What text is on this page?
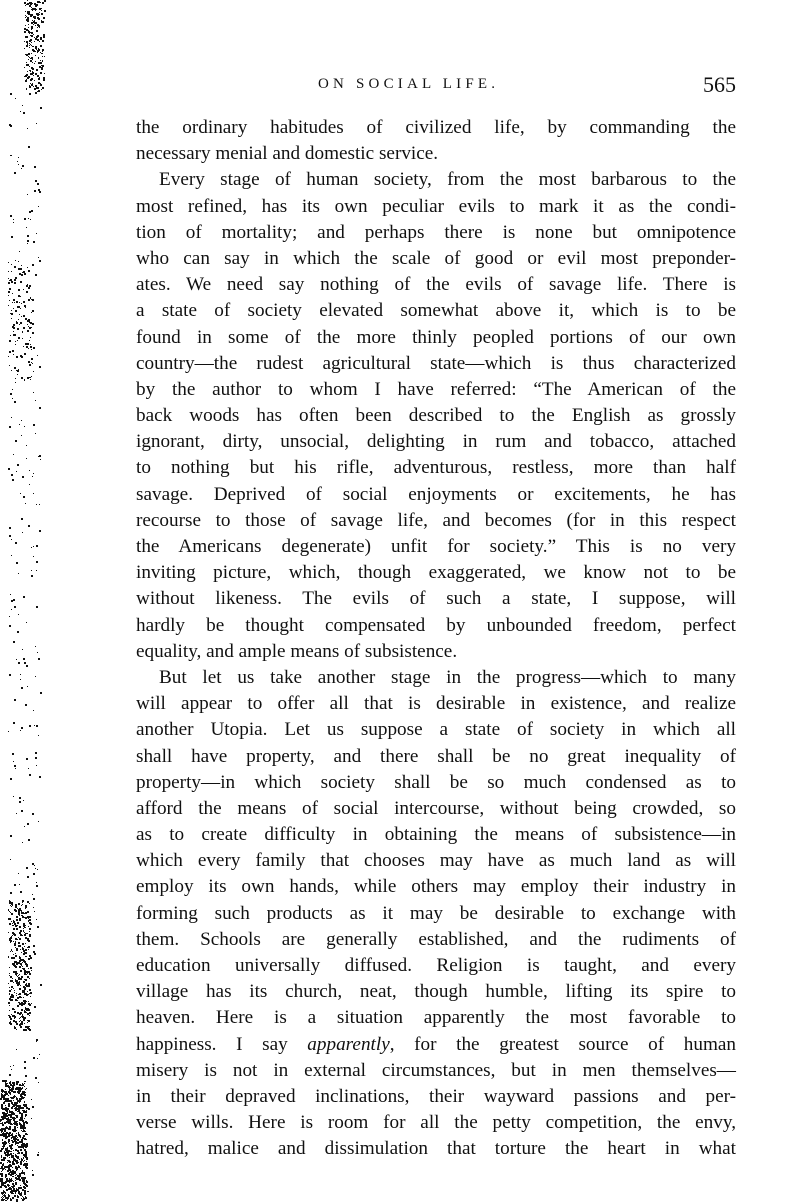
ON SOCIAL LIFE.	565
the ordinary habitudes of civilized life, by commanding the
necessary menial and domestic service.
Every stage of human society, from the most barbarous to the
most refined, has its own peculiar evils to mark it as the condi-
tion of mortality; and perhaps there is none but omnipotence
who can say in which the scale of good or evil most preponder-
ates. We need say nothing of the evils of savage life. There is
a state of society elevated somewhat above it, which is to be
found in some of the more thinly peopled portions of our own
country—the rudest agricultural state—which is thus characterized
by the author to whom I have referred: “The American of the
back woods has often been described to the English as grossly
ignorant, dirty, unsocial, delighting in rum and tobacco, attached
to nothing but his rifle, adventurous, restless, more than half
savage. Deprived of social enjoyments or excitements, he has
recourse to those of savage life, and becomes (for in this respect
the Americans degenerate) unfit for society.” This is no very
inviting picture, which, though exaggerated, we know not to be
without likeness. The evils of such a state, I suppose, will
hardly be thought compensated by unbounded freedom, perfect
equality, and ample means of subsistence.
But let us take another stage in the progress—which to many
will appear to offer all that is desirable in existence, and realize
another Utopia. Let us suppose a state of society in which all
shall have property, and there shall be no great inequality of
property—in which society shall be so much condensed as to
afford the means of social intercourse, without being crowded, so
as to create difficulty in obtaining the means of subsistence—in
which every family that chooses may have as much land as will
employ its own hands, while others may employ their industry in
forming such products as it may be desirable to exchange with
them. Schools are generally established, and the rudiments of
education universally diffused. Religion is taught, and every
village has its church, neat, though humble, lifting its spire to
heaven. Here is a situation apparently the most favorable to
happiness. I say apparently, for the greatest source of human
misery is not in external circumstances, but in men themselves—
in their depraved inclinations, their wayward passions and per-
verse wills. Here is room for all the petty competition, the envy,
hatred, malice and dissimulation that torture the heart in what
